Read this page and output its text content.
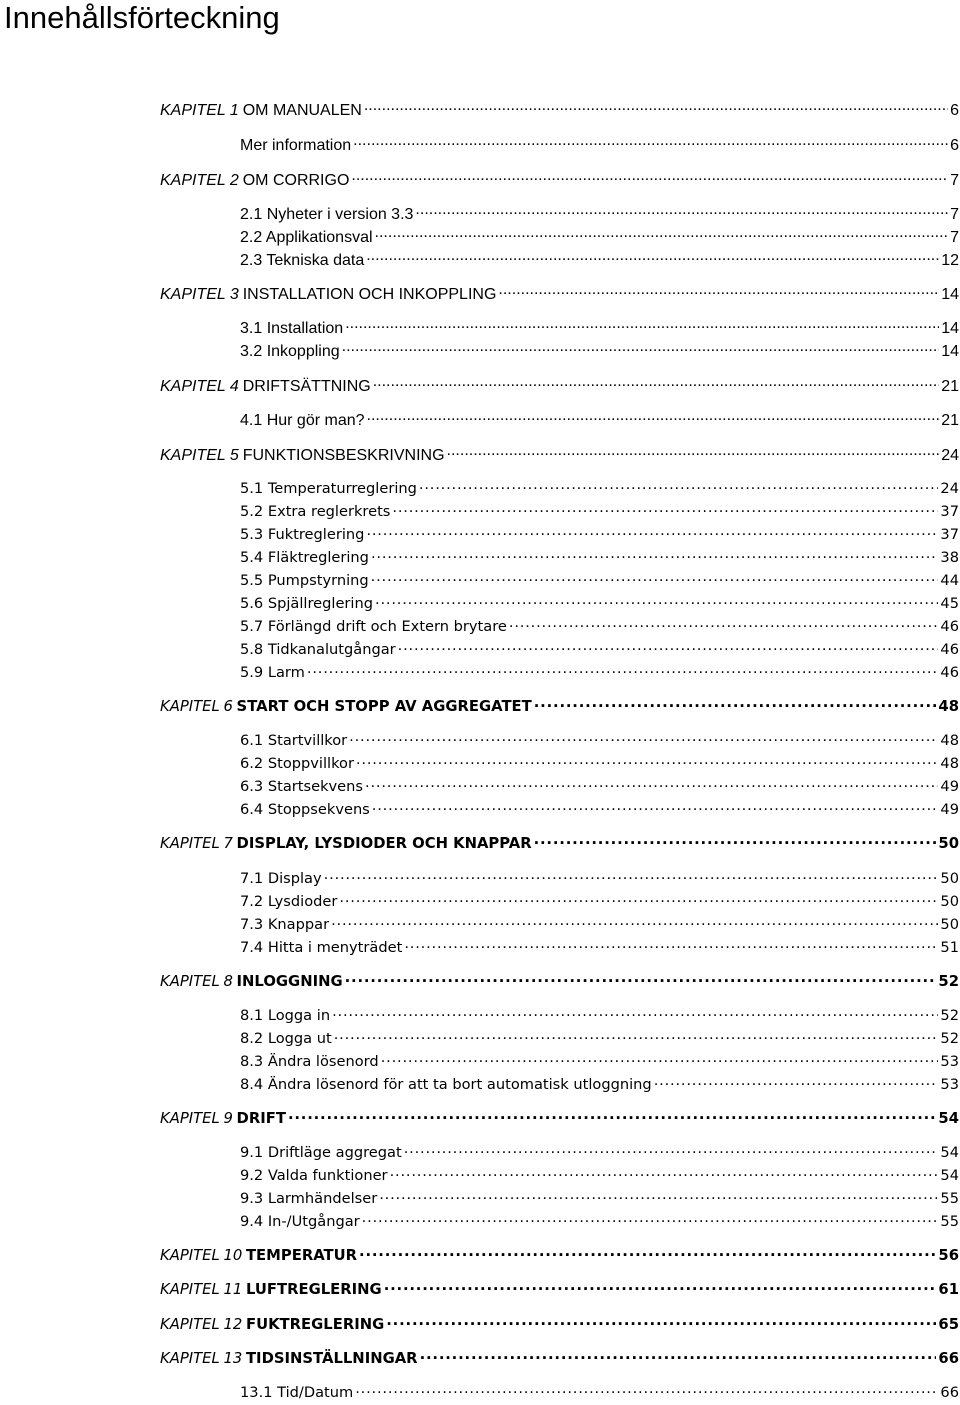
Innehållsförteckning
KAPITEL 1 OM MANUALEN .....	6
Mer information .....	6
KAPITEL 2 OM CORRIGO .....	7
2.1 Nyheter i version 3.3 .....	7
2.2 Applikationsval .....	7
2.3 Tekniska data .....	12
KAPITEL 3 INSTALLATION OCH INKOPPLING .....	14
3.1 Installation .....	14
3.2 Inkoppling .....	14
KAPITEL 4 DRIFTSÄTTNING .....	21
4.1 Hur gör man? .....	21
KAPITEL 5 FUNKTIONSBESKRIVNING .....	24
5.1 Temperaturreglering .....	24
5.2 Extra reglerkrets .....	37
5.3 Fuktreglering .....	37
5.4 Fläktreglering .....	38
5.5 Pumpstyrning .....	44
5.6 Spjällreglering .....	45
5.7 Förlängd drift och Extern brytare .....	46
5.8 Tidkanalutgångar .....	46
5.9 Larm .....	46
KAPITEL 6 START OCH STOPP AV AGGREGATET .....	48
6.1 Startvillkor .....	48
6.2 Stoppvillkor .....	48
6.3 Startsekvens .....	49
6.4 Stoppsekvens .....	49
KAPITEL 7 DISPLAY, LYSDIODER OCH KNAPPAR .....	50
7.1 Display .....	50
7.2 Lysdioder .....	50
7.3 Knappar .....	50
7.4 Hitta i menyträdet .....	51
KAPITEL 8 INLOGGNING .....	52
8.1 Logga in .....	52
8.2 Logga ut .....	52
8.3 Ändra lösenord .....	53
8.4 Ändra lösenord för att ta bort automatisk utloggning .....	53
KAPITEL 9 DRIFT .....	54
9.1 Driftläge aggregat .....	54
9.2 Valda funktioner .....	54
9.3 Larmhändelser .....	55
9.4 In-/Utgångar .....	55
KAPITEL 10 TEMPERATUR .....	56
KAPITEL 11 LUFTREGLERING .....	61
KAPITEL 12 FUKTREGLERING .....	65
KAPITEL 13 TIDSINSTÄLLNINGAR .....	66
13.1 Tid/Datum .....	66
